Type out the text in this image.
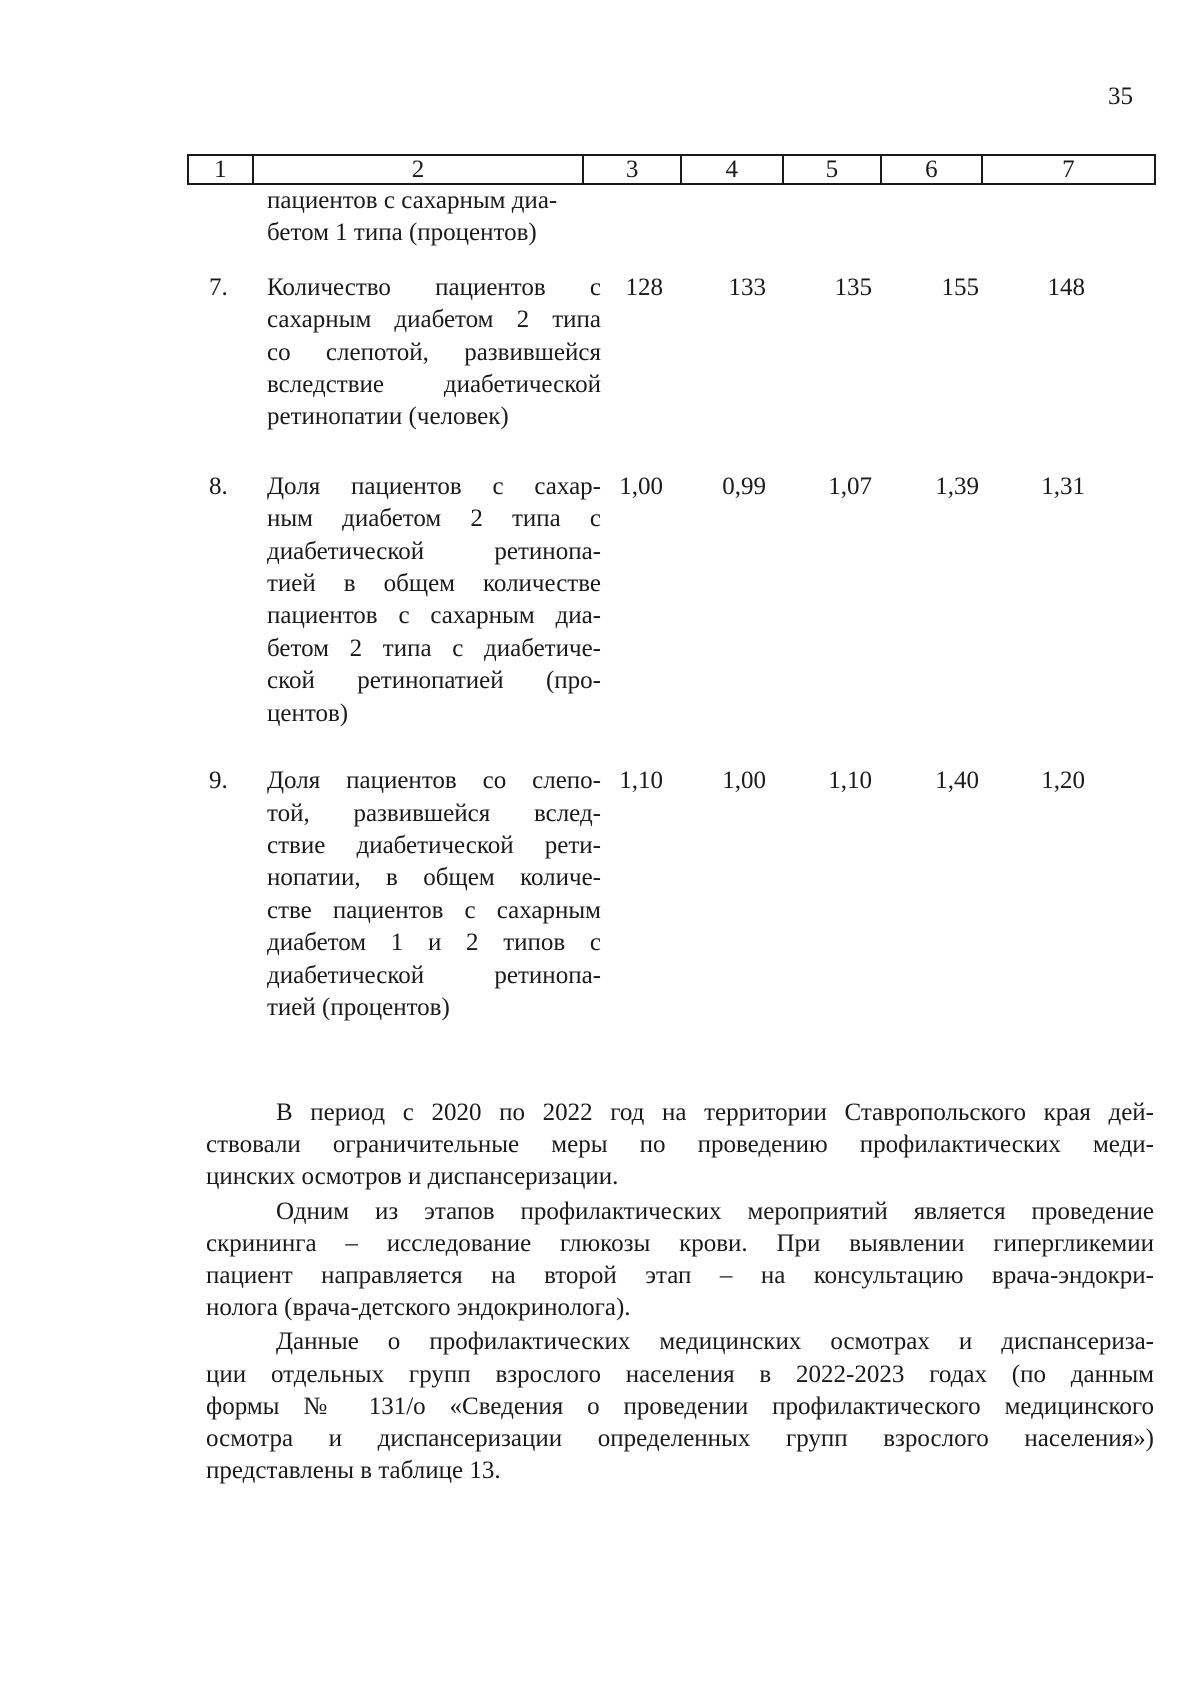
35
1	2	3	4	5	6	7
пациентов с сахарным диа-
бетом 1 типа (процентов)
7.	Количество пациентов с
сахарным диабетом 2 типа
со слепотой, развившейся
вследствие диабетической
ретинопатии (человек)
128	133	135	155	148
8.	Доля пациентов с сахар-
ным диабетом 2 типа с
диабетической ретинопа-
тией в общем количестве
пациентов с сахарным диа-
бетом 2 типа с диабетиче-
ской ретинопатией (про-
центов)
1,00	0,99	1,07	1,39	1,31
9.	Доля пациентов со слепо-
той, развившейся вслед-
ствие диабетической рети-
нопатии, в общем количе-
стве пациентов с сахарным
диабетом 1 и 2 типов с
диабетической ретинопа-
тией (процентов)
1,10	1,00	1,10	1,40	1,20

В период с 2020 по 2022 год на территории Ставропольского края дей-
ствовали ограничительные меры по проведению профилактических меди-
цинских осмотров и диспансеризации.

Одним из этапов профилактических мероприятий является проведение
скрининга – исследование глюкозы крови. При выявлении гипергликемии
пациент направляется на второй этап – на консультацию врача-эндокри-
нолога (врача-детского эндокринолога).

Данные о профилактических медицинских осмотрах и диспансериза-
ции отдельных групп взрослого населения в 2022-2023 годах (по данным
формы № 131/о «Сведения о проведении профилактического медицинского
осмотра и диспансеризации определенных групп взрослого населения»)
представлены в таблице 13.
